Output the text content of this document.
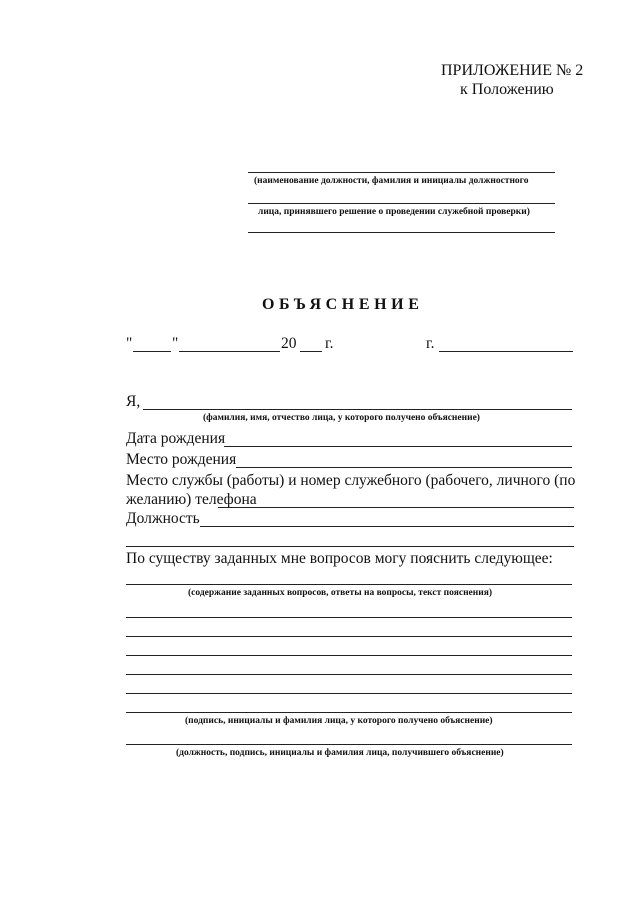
ПРИЛОЖЕНИЕ № 2
к Положению
(наименование должности, фамилия и инициалы должностного
лица, принявшего решение о проведении служебной проверки)
ОБЪЯСНЕНИЕ
"	"	20 г.	г.
Я,
(фамилия, имя, отчество лица, у которого получено объяснение)
Дата рождения
Место рождения
Место службы (работы) и номер служебного (рабочего, личного (по
желанию) телефона
Должность
По существу заданных мне вопросов могу пояснить следующее:
(содержание заданных вопросов, ответы на вопросы, текст пояснения)
(подпись, инициалы и фамилия лица, у которого получено объяснение)
(должность, подпись, инициалы и фамилия лица, получившего объяснение)
